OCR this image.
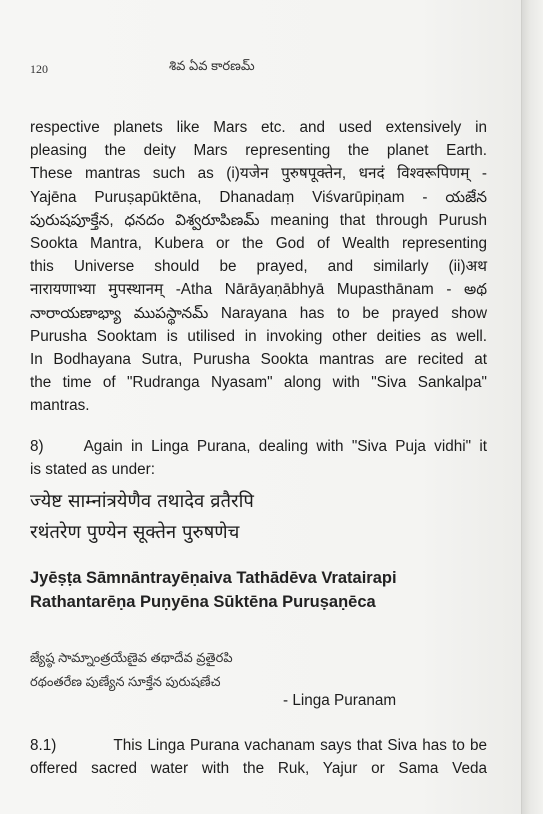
120	శివ ఏవ కారణమ్

respective planets like Mars etc. and used extensively in

pleasing the deity Mars representing the planet Earth.

These mantras such as (i)यजेन पुरुषपूक्तेन, धनदं विश्वरूपिणम् -

Yajēna Puruṣapūktēna, Dhanadaṃ Viśvarūpiṇam - యజేన

పురుషపూక్తేన, ధనదం విశ్వరూపిణమ్ meaning that through Purush

Sookta Mantra, Kubera or the God of Wealth representing

this Universe should be prayed, and similarly (ii)अथ

नारायणाभ्या मुपस्थानम् -Atha Nārāyaṇābhyā Mupasthānam - అథ

నారాయణాభ్యా ముపస్థానమ్ Narayana has to be prayed show

Purusha Sooktam is utilised in invoking other deities as well.

In Bodhayana Sutra, Purusha Sookta mantras are recited at

the time of "Rudranga Nyasam" along with "Siva Sankalpa"

mantras.

8)	Again in Linga Purana, dealing with "Siva Puja vidhi" it

is stated as under:

ज्येष्ट साम्नांत्रयेणैव तथादेव व्रतैरपि
रथंतरेण पुण्येन सूक्तेन पुरुषणेच
Jyēṣṭa Sāmnāntrayēṇaiva Tathādēva Vratairapi
Rathantarēṇa Puṇyēna Sūktēna Puruṣaṇēca
జ్యేష్ఠ సామ్నాంత్రయేణైవ తథాదేవ వ్రతైరపి
రథంతరేణ పుణ్యేన సూక్తేన పురుషణేచ
- Linga Puranam

8.1)	This Linga Purana vachanam says that Siva has to be

offered sacred water with the Ruk, Yajur or Sama Veda
